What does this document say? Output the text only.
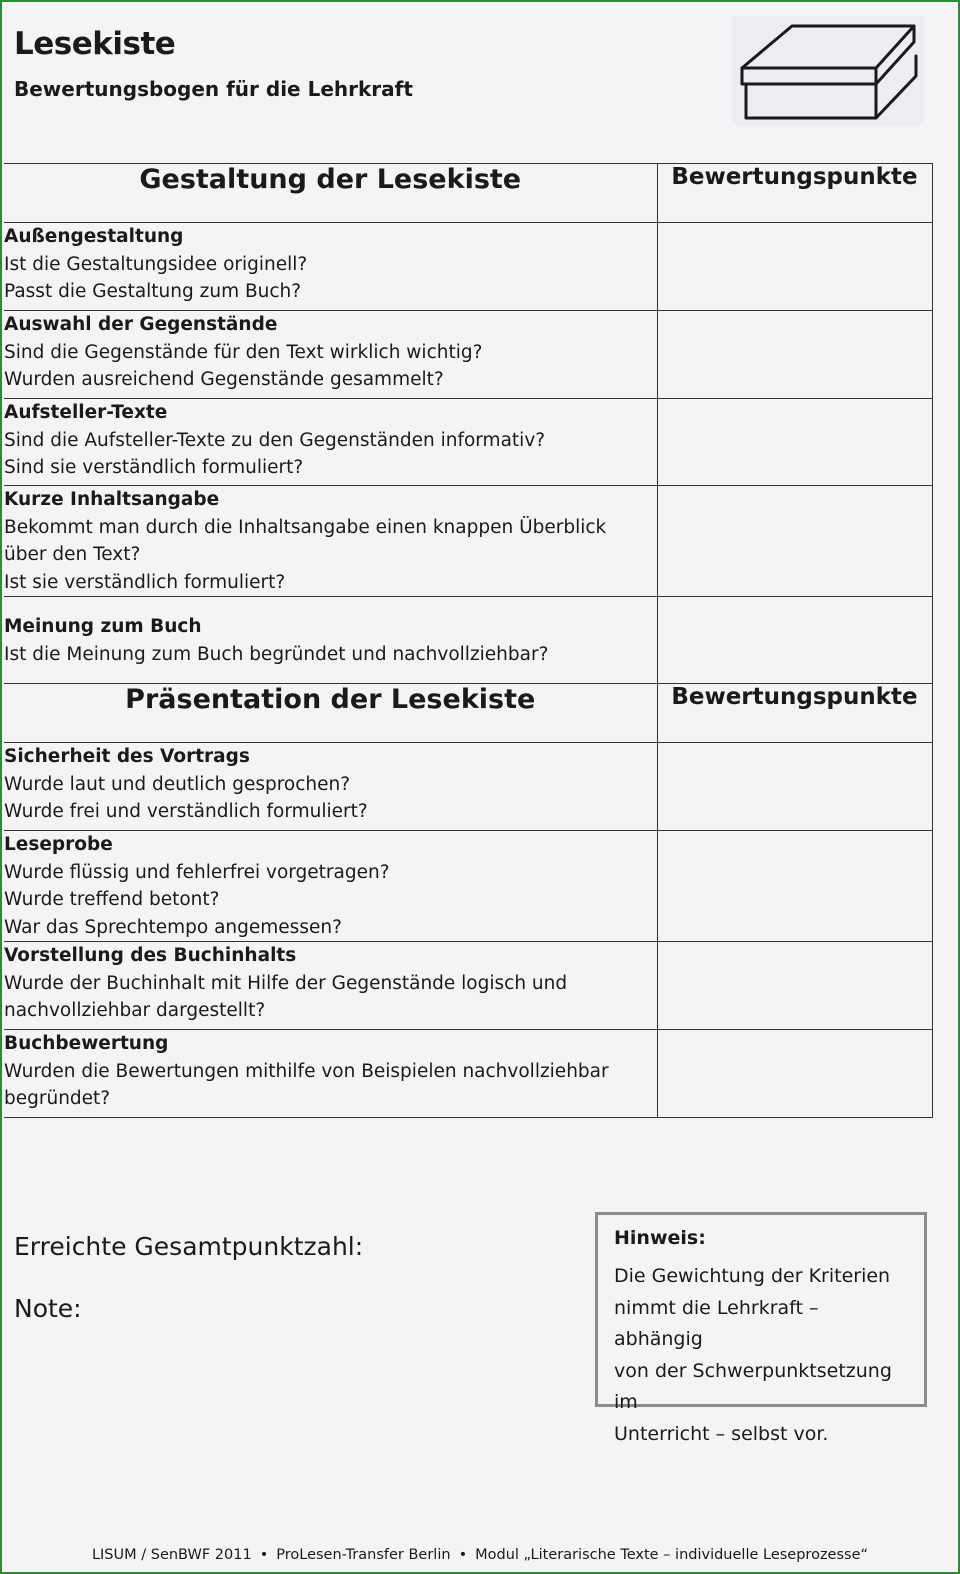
Lesekiste
Bewertungsbogen für die Lehrkraft
Gestaltung der Lesekiste	Bewertungspunkte

Außengestaltung
Ist die Gestaltungsidee originell?
Passt die Gestaltung zum Buch?	

Auswahl der Gegenstände
Sind die Gegenstände für den Text wirklich wichtig?
Wurden ausreichend Gegenstände gesammelt?	

Aufsteller-Texte
Sind die Aufsteller-Texte zu den Gegenständen informativ?
Sind sie verständlich formuliert?	

Kurze Inhaltsangabe
Bekommt man durch die Inhaltsangabe einen knappen Überblick
über den Text?
Ist sie verständlich formuliert?	

Meinung zum Buch
Ist die Meinung zum Buch begründet und nachvollziehbar?	

Präsentation der Lesekiste	Bewertungspunkte

Sicherheit des Vortrags
Wurde laut und deutlich gesprochen?
Wurde frei und verständlich formuliert?	

Leseprobe
Wurde flüssig und fehlerfrei vorgetragen?
Wurde treffend betont?
War das Sprechtempo angemessen?	

Vorstellung des Buchinhalts
Wurde der Buchinhalt mit Hilfe der Gegenstände logisch und
nachvollziehbar dargestellt?	

Buchbewertung
Wurden die Bewertungen mithilfe von Beispielen nachvollziehbar
begründet?	

Erreichte Gesamtpunktzahl:

Note:

Hinweis:

Die Gewichtung der Kriterien
nimmt die Lehrkraft – abhängig
von der Schwerpunktsetzung im
Unterricht – selbst vor.

LISUM / SenBWF 2011 • ProLesen-Transfer Berlin • Modul „Literarische Texte – individuelle Leseprozesse“
